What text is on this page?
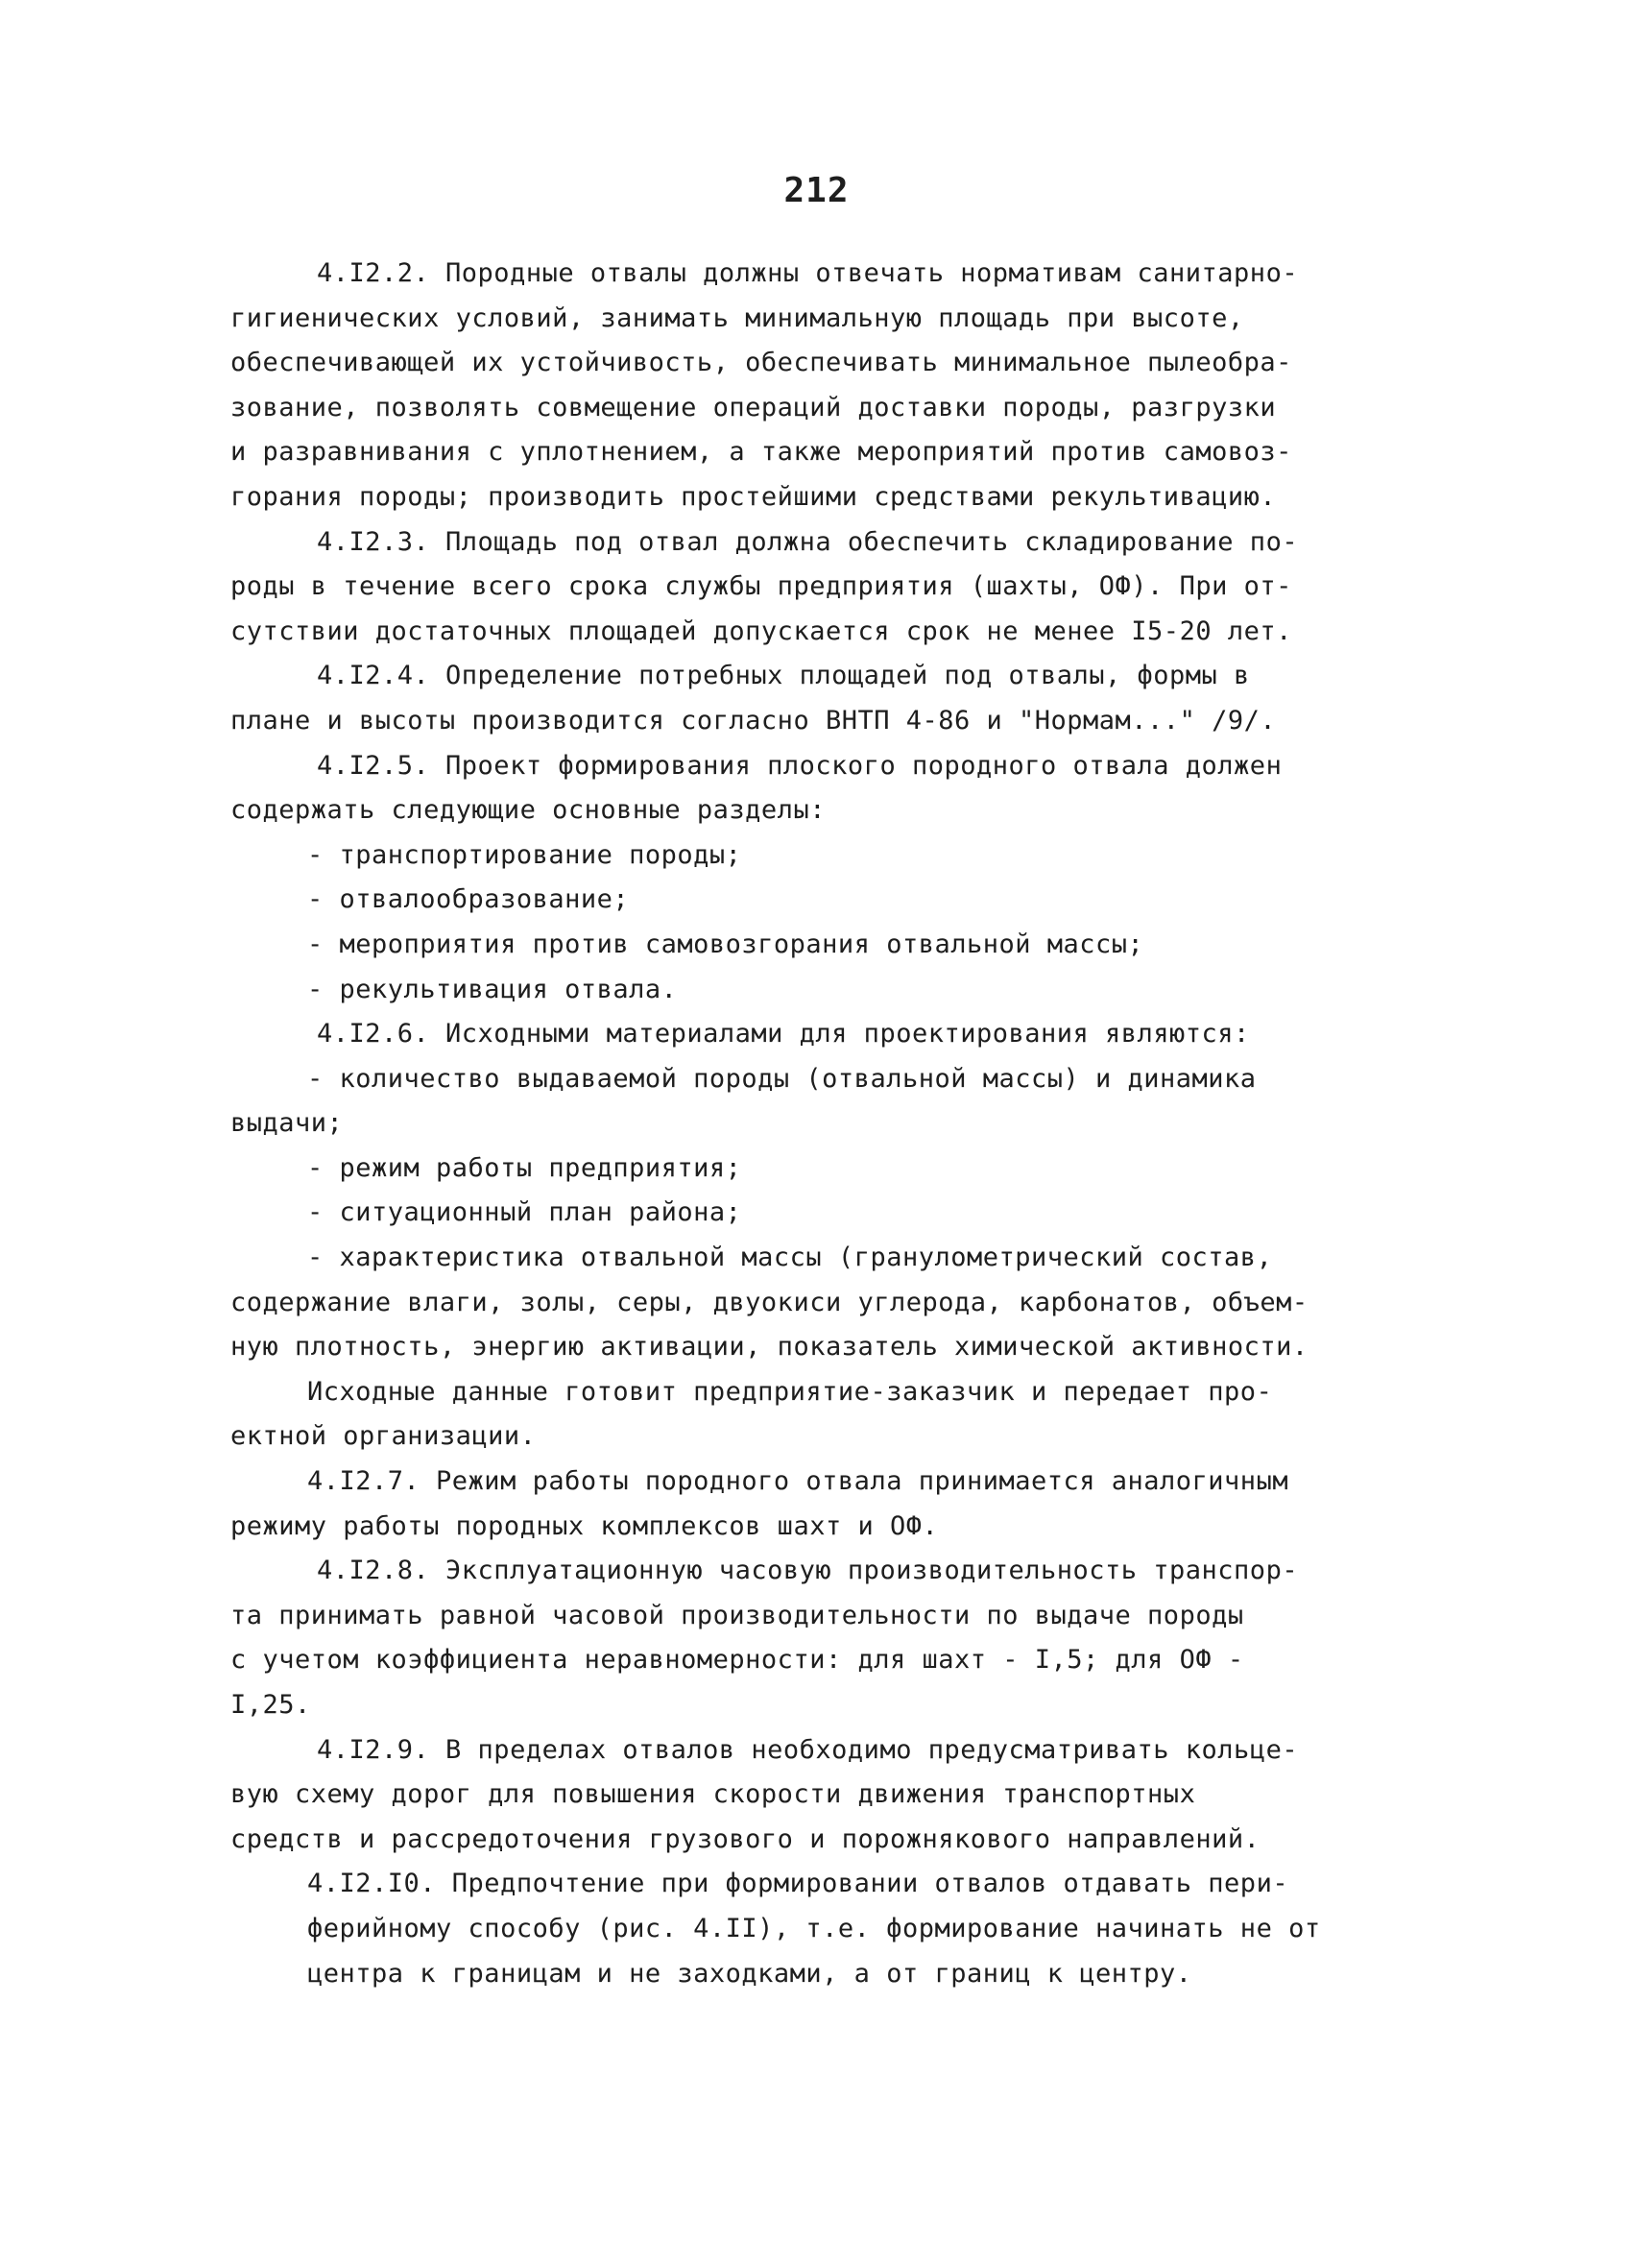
212
4.I2.2. Породные отвалы должны отвечать нормативам санитарно-
гигиенических условий, занимать минимальную площадь при высоте,
обеспечивающей их устойчивость, обеспечивать минимальное пылеобра-
зование, позволять совмещение операций доставки породы, разгрузки
и разравнивания с уплотнением, а также мероприятий против самовоз-
горания породы; производить простейшими средствами рекультивацию.
4.I2.3. Площадь под отвал должна обеспечить складирование по-
роды в течение всего срока службы предприятия (шахты, ОФ). При от-
сутствии достаточных площадей допускается срок не менее I5-20 лет.
4.I2.4. Определение потребных площадей под отвалы, формы в
плане и высоты производится согласно ВНТП 4-86 и "Нормам..." /9/.
4.I2.5. Проект формирования плоского породного отвала должен
содержать следующие основные разделы:
- транспортирование породы;
- отвалообразование;
- мероприятия против самовозгорания отвальной массы;
- рекультивация отвала.
4.I2.6. Исходными материалами для проектирования являются:
- количество выдаваемой породы (отвальной массы) и динамика
выдачи;
- режим работы предприятия;
- ситуационный план района;
- характеристика отвальной массы (гранулометрический состав,
содержание влаги, золы, серы, двуокиси углерода, карбонатов, объем-
ную плотность, энергию активации, показатель химической активности.
Исходные данные готовит предприятие-заказчик и передает про-
ектной организации.
4.I2.7. Режим работы породного отвала принимается аналогичным
режиму работы породных комплексов шахт и ОФ.
4.I2.8. Эксплуатационную часовую производительность транспор-
та принимать равной часовой производительности по выдаче породы
с учетом коэффициента неравномерности: для шахт - I,5; для ОФ -
I,25.
4.I2.9. В пределах отвалов необходимо предусматривать кольце-
вую схему дорог для повышения скорости движения транспортных
средств и рассредоточения грузового и порожнякового направлений.
4.I2.I0. Предпочтение при формировании отвалов отдавать пери-
ферийному способу (рис. 4.II), т.е. формирование начинать не от
центра к границам и не заходками, а от границ к центру.
